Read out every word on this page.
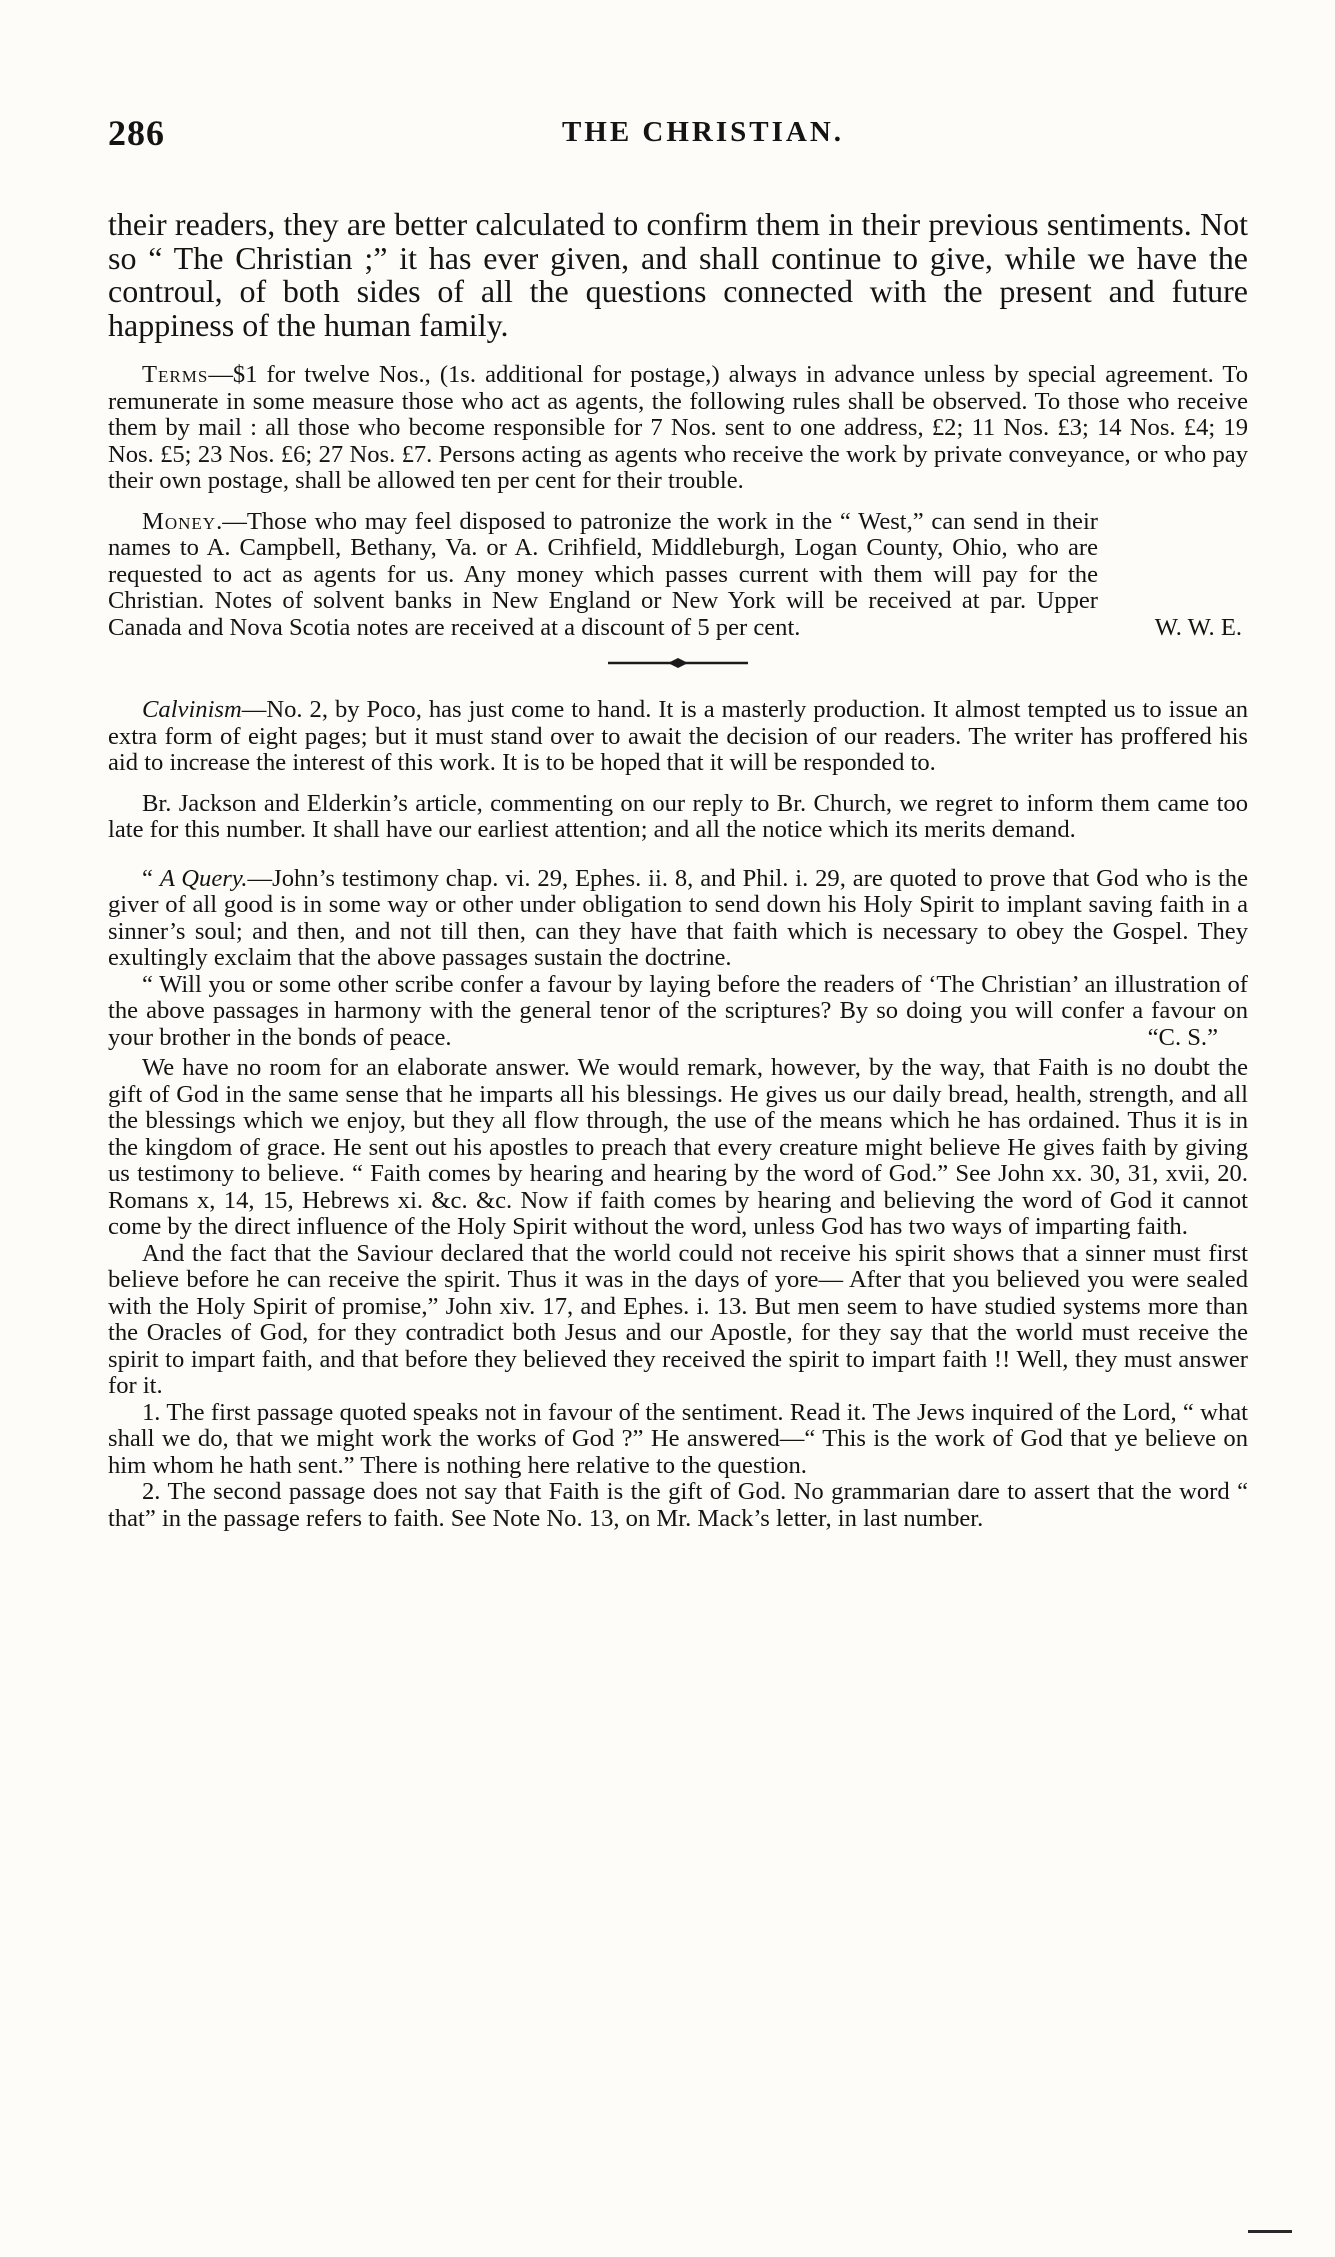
286	THE CHRISTIAN.

their readers, they are better calculated to confirm them in their previous sentiments. Not so “ The Christian ;” it has ever given, and shall continue to give, while we have the controul, of both sides of all the questions connected with the present and future happiness of the human family.

Terms—$1 for twelve Nos., (1s. additional for postage,) always in advance unless by special agreement. To remunerate in some measure those who act as agents, the following rules shall be observed. To those who receive them by mail : all those who become responsible for 7 Nos. sent to one address, £2; 11 Nos. £3; 14 Nos. £4; 19 Nos. £5; 23 Nos. £6; 27 Nos. £7. Persons acting as agents who receive the work by private conveyance, or who pay their own postage, shall be allowed ten per cent for their trouble.

Money.—Those who may feel disposed to patronize the work in the “ West,” can send in their names to A. Campbell, Bethany, Va. or A. Crihfield, Middleburgh, Logan County, Ohio, who are requested to act as agents for us. Any money which passes current with them will pay for the Christian. Notes of solvent banks in New England or New York will be received at par. Upper Canada and Nova Scotia notes are received at a discount of 5 per cent.	W. W. E.

Calvinism—No. 2, by Poco, has just come to hand. It is a masterly production. It almost tempted us to issue an extra form of eight pages; but it must stand over to await the decision of our readers. The writer has proffered his aid to increase the interest of this work. It is to be hoped that it will be responded to.

Br. Jackson and Elderkin’s article, commenting on our reply to Br. Church, we regret to inform them came too late for this number. It shall have our earliest attention; and all the notice which its merits demand.

“ A Query.—John’s testimony chap. vi. 29, Ephes. ii. 8, and Phil. i. 29, are quoted to prove that God who is the giver of all good is in some way or other under obligation to send down his Holy Spirit to implant saving faith in a sinner’s soul; and then, and not till then, can they have that faith which is necessary to obey the Gospel. They exultingly exclaim that the above passages sustain the doctrine.

“ Will you or some other scribe confer a favour by laying before the readers of ‘The Christian’ an illustration of the above passages in harmony with the general tenor of the scriptures? By so doing you will confer a favour on your brother in the bonds of peace.	“C. S.”

We have no room for an elaborate answer. We would remark, however, by the way, that Faith is no doubt the gift of God in the same sense that he imparts all his blessings. He gives us our daily bread, health, strength, and all the blessings which we enjoy, but they all flow through, the use of the means which he has ordained. Thus it is in the kingdom of grace. He sent out his apostles to preach that every creature might believe He gives faith by giving us testimony to believe. “ Faith comes by hearing and hearing by the word of God.” See John xx. 30, 31, xvii, 20. Romans x, 14, 15, Hebrews xi. &c. &c. Now if faith comes by hearing and believing the word of God it cannot come by the direct influence of the Holy Spirit without the word, unless God has two ways of imparting faith.

And the fact that the Saviour declared that the world could not receive his spirit shows that a sinner must first believe before he can receive the spirit. Thus it was in the days of yore— After that you believed you were sealed with the Holy Spirit of promise,” John xiv. 17, and Ephes. i. 13. But men seem to have studied systems more than the Oracles of God, for they contradict both Jesus and our Apostle, for they say that the world must receive the spirit to impart faith, and that before they believed they received the spirit to impart faith !! Well, they must answer for it.

1. The first passage quoted speaks not in favour of the sentiment. Read it. The Jews inquired of the Lord, “ what shall we do, that we might work the works of God ?” He answered—“ This is the work of God that ye believe on him whom he hath sent.” There is nothing here relative to the question.

2. The second passage does not say that Faith is the gift of God. No grammarian dare to assert that the word “ that” in the passage refers to faith. See Note No. 13, on Mr. Mack’s letter, in last number.
